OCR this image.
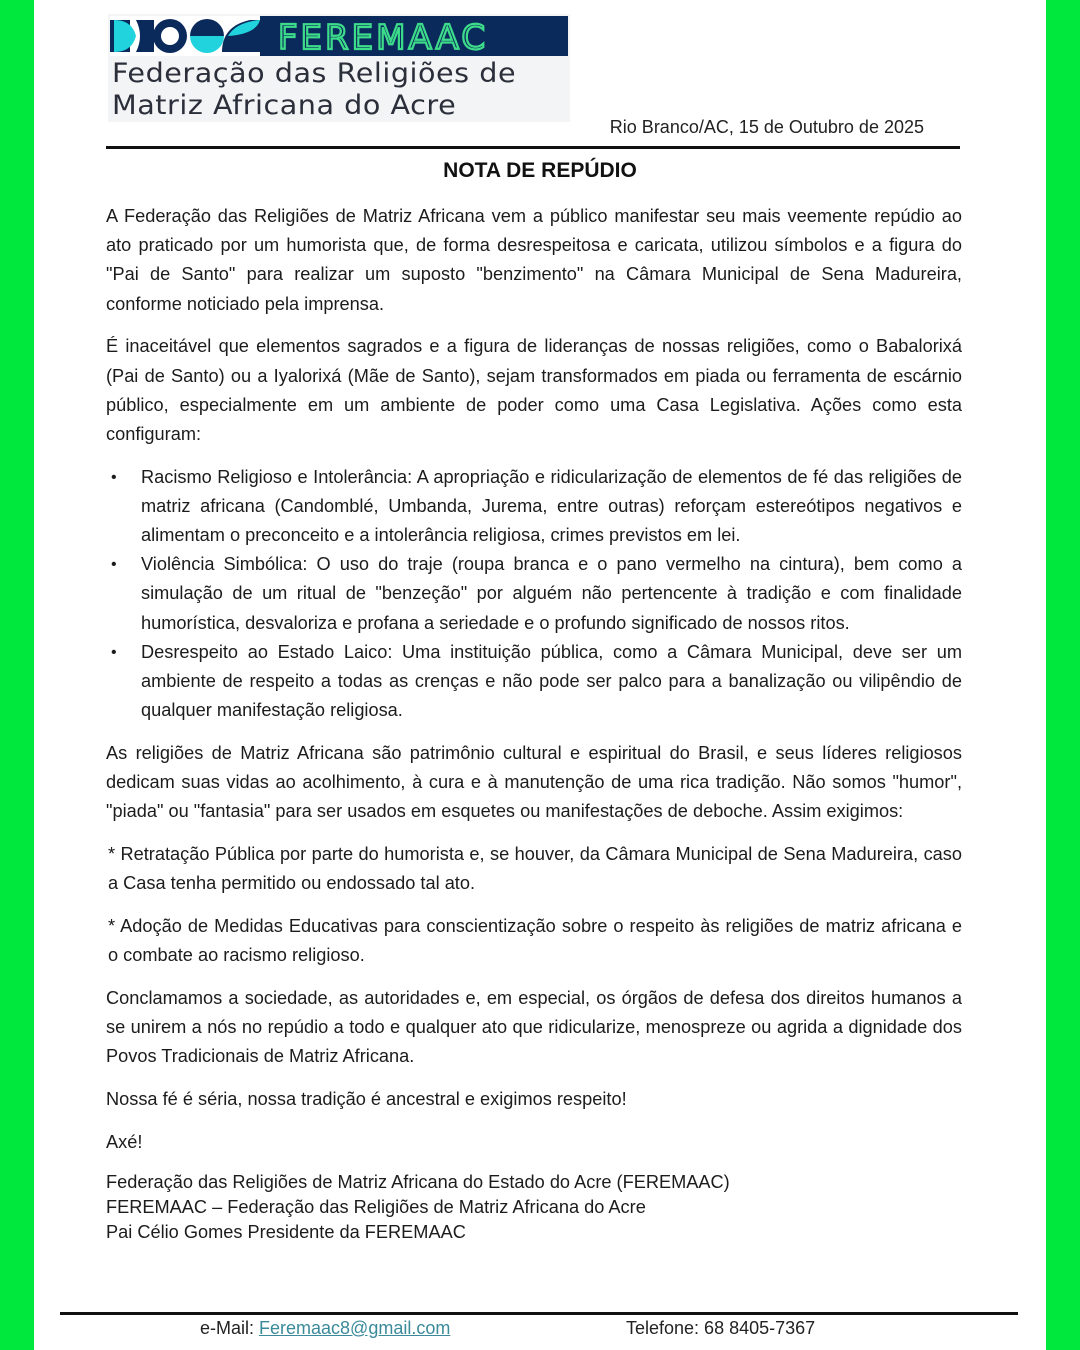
FEREMAAC
Federação das Religiões de
Matriz Africana do Acre
Rio Branco/AC, 15 de Outubro de 2025
NOTA DE REPÚDIO

A Federação das Religiões de Matriz Africana vem a público manifestar seu mais veemente repúdio ao ato praticado por um humorista que, de forma desrespeitosa e caricata, utilizou símbolos e a figura do "Pai de Santo" para realizar um suposto "benzimento" na Câmara Municipal de Sena Madureira, conforme noticiado pela imprensa.

É inaceitável que elementos sagrados e a figura de lideranças de nossas religiões, como o Babalorixá (Pai de Santo) ou a Iyalorixá (Mãe de Santo), sejam transformados em piada ou ferramenta de escárnio público, especialmente em um ambiente de poder como uma Casa Legislativa. Ações como esta configuram:

• Racismo Religioso e Intolerância: A apropriação e ridicularização de elementos de fé das religiões de matriz africana (Candomblé, Umbanda, Jurema, entre outras) reforçam estereótipos negativos e alimentam o preconceito e a intolerância religiosa, crimes previstos em lei.
• Violência Simbólica: O uso do traje (roupa branca e o pano vermelho na cintura), bem como a simulação de um ritual de "benzeção" por alguém não pertencente à tradição e com finalidade humorística, desvaloriza e profana a seriedade e o profundo significado de nossos ritos.
• Desrespeito ao Estado Laico: Uma instituição pública, como a Câmara Municipal, deve ser um ambiente de respeito a todas as crenças e não pode ser palco para a banalização ou vilipêndio de qualquer manifestação religiosa.

As religiões de Matriz Africana são patrimônio cultural e espiritual do Brasil, e seus líderes religiosos dedicam suas vidas ao acolhimento, à cura e à manutenção de uma rica tradição. Não somos "humor", "piada" ou "fantasia" para ser usados em esquetes ou manifestações de deboche. Assim exigimos:

* Retratação Pública por parte do humorista e, se houver, da Câmara Municipal de Sena Madureira, caso a Casa tenha permitido ou endossado tal ato.

* Adoção de Medidas Educativas para conscientização sobre o respeito às religiões de matriz africana e o combate ao racismo religioso.

Conclamamos a sociedade, as autoridades e, em especial, os órgãos de defesa dos direitos humanos a se unirem a nós no repúdio a todo e qualquer ato que ridicularize, menospreze ou agrida a dignidade dos Povos Tradicionais de Matriz Africana.

Nossa fé é séria, nossa tradição é ancestral e exigimos respeito!

Axé!

Federação das Religiões de Matriz Africana do Estado do Acre (FEREMAAC)
FEREMAAC – Federação das Religiões de Matriz Africana do Acre
Pai Célio Gomes Presidente da FEREMAAC
e-Mail: Feremaac8@gmail.com	Telefone: 68 8405-7367
